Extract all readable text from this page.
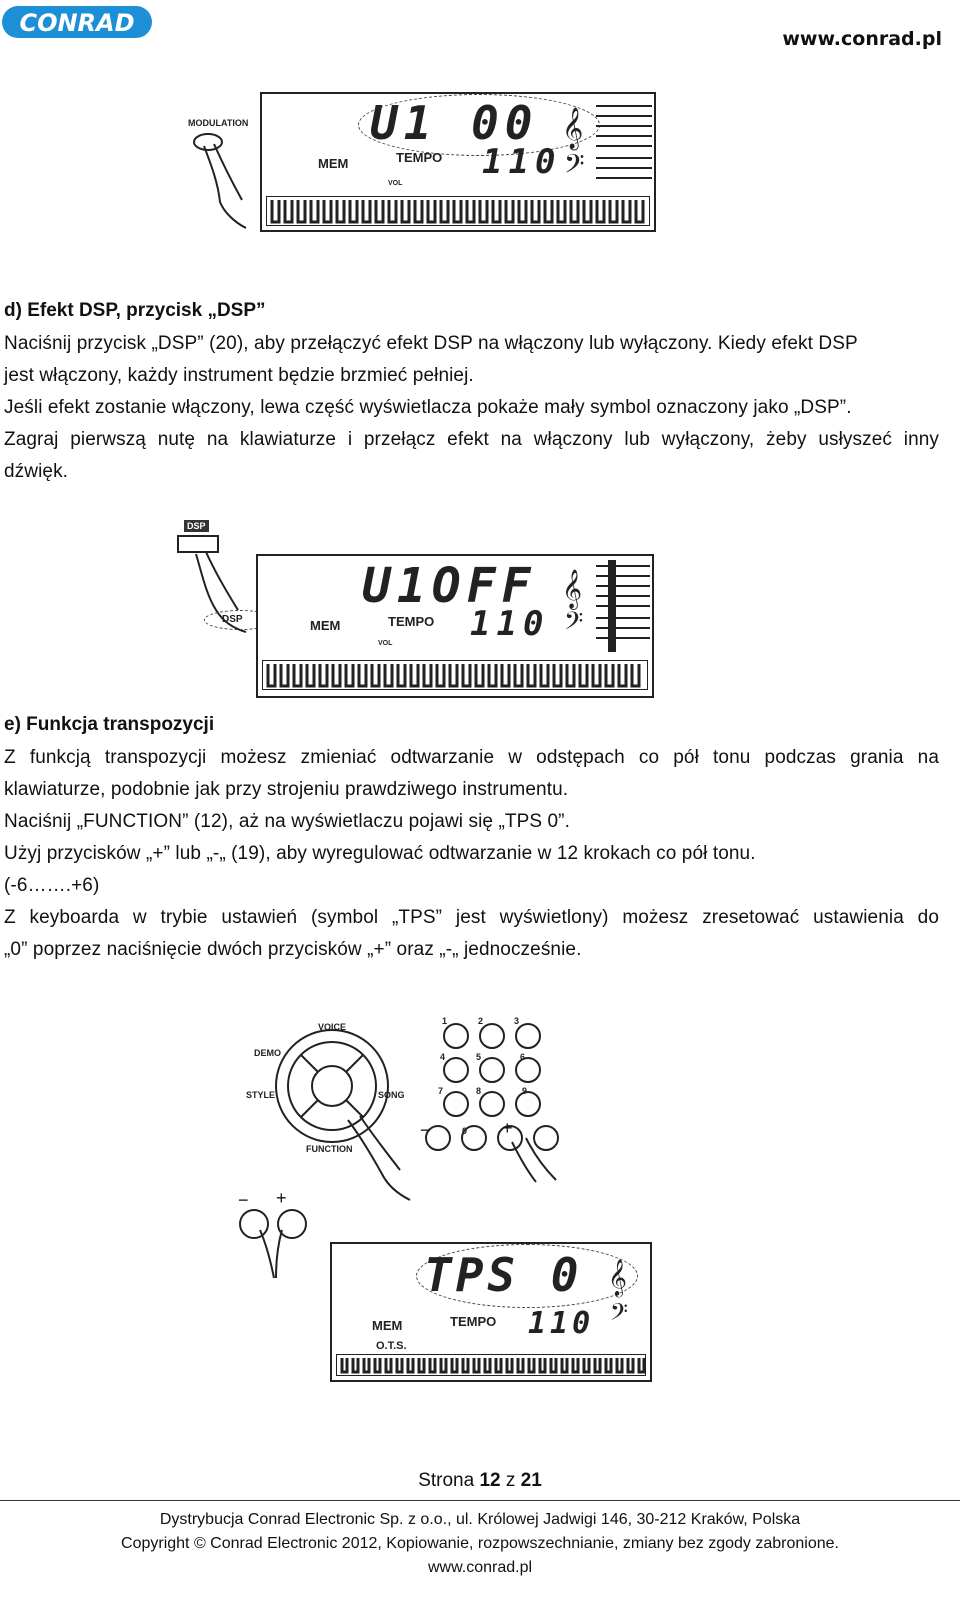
CONRAD
www.conrad.pl
MODULATION	U1 00
MEM	TEMPO 110
VOL
𝄞
𝄢
d) Efekt DSP, przycisk „DSP”
Naciśnij przycisk „DSP” (20), aby przełączyć efekt DSP na włączony lub wyłączony. Kiedy efekt DSP
jest włączony, każdy instrument będzie brzmieć pełniej.
Jeśli efekt zostanie włączony, lewa część wyświetlacza pokaże mały symbol oznaczony jako „DSP”.
Zagraj pierwszą nutę na klawiaturze i przełącz efekt na włączony lub wyłączony, żeby usłyszeć inny
dźwięk.
DSP
DSP
U1OFF
MEM	TEMPO 110
VOL
𝄞
𝄢
e) Funkcja transpozycji
Z funkcją transpozycji możesz zmieniać odtwarzanie w odstępach co pół tonu podczas grania na
klawiaturze, podobnie jak przy strojeniu prawdziwego instrumentu.
Naciśnij „FUNCTION” (12), aż na wyświetlaczu pojawi się „TPS 0”.
Użyj przycisków „+” lub „-„ (19), aby wyregulować odtwarzanie w 12 krokach co pół tonu.
(-6…….+6)
Z keyboarda w trybie ustawień (symbol „TPS” jest wyświetlony) możesz zresetować ustawienia do
„0” poprzez naciśnięcie dwóch przycisków „+” oraz „-„ jednocześnie.
VOICE
DEMO
STYLE	SONG
FUNCTION
1	2	3
4	5	6
7	8	9
0
−	+
− +
TPS 0
MEM
O.T.S.
TEMPO 110
𝄞
𝄢
Strona 12 z 21
Dystrybucja Conrad Electronic Sp. z o.o., ul. Królowej Jadwigi 146, 30-212 Kraków, Polska
Copyright © Conrad Electronic 2012, Kopiowanie, rozpowszechnianie, zmiany bez zgody zabronione.
www.conrad.pl
